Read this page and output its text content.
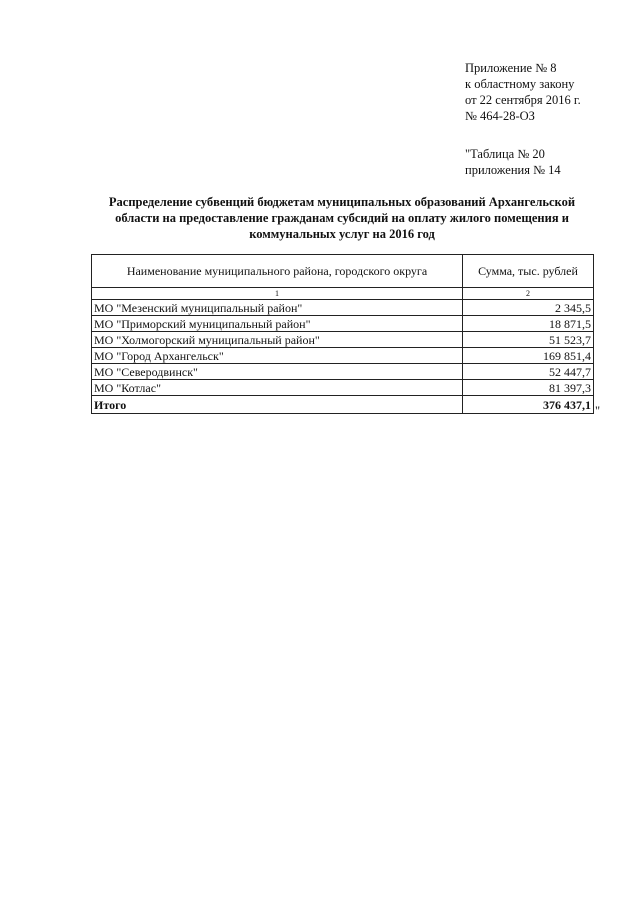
Приложение № 8
к областному закону
от 22 сентября 2016 г.
№ 464-28-ОЗ
"Таблица № 20
приложения № 14
Распределение субвенций бюджетам муниципальных образований Архангельской области на предоставление гражданам субсидий на оплату жилого помещения и коммунальных услуг на 2016 год
Наименование муниципального района, городского округа	Сумма, тыс. рублей
1	2
МО "Мезенский муниципальный район"	2 345,5
МО "Приморский муниципальный район"	18 871,5
МО "Холмогорский муниципальный район"	51 523,7
МО "Город Архангельск"	169 851,4
МО "Северодвинск"	52 447,7
МО "Котлас"	81 397,3
Итого	376 437,1 "
